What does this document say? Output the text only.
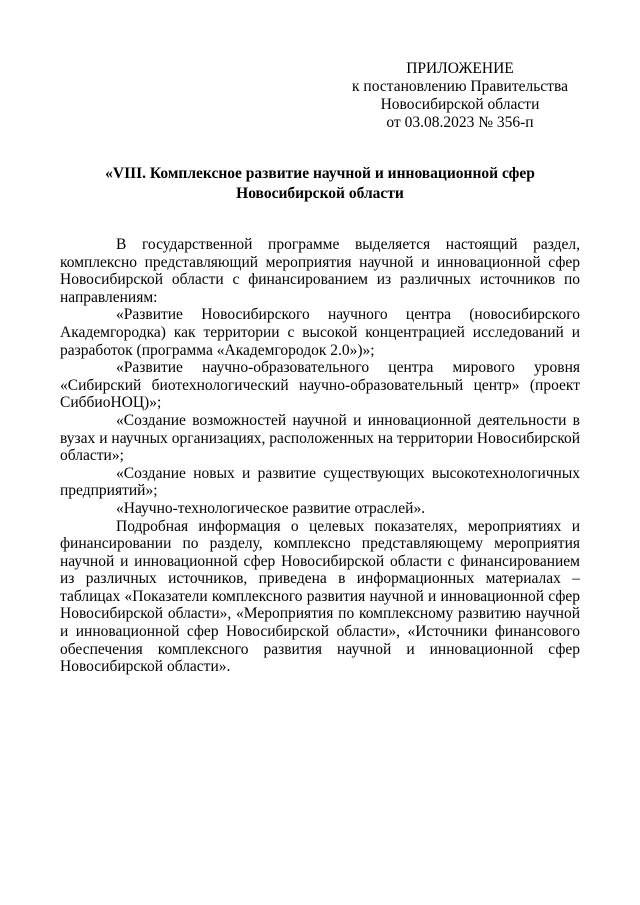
ПРИЛОЖЕНИЕ
к постановлению Правительства
Новосибирской области
от 03.08.2023 № 356-п
«VIII. Комплексное развитие научной и инновационной сфер
Новосибирской области

В государственной программе выделяется настоящий раздел, комплексно представляющий мероприятия научной и инновационной сфер Новосибирской области с финансированием из различных источников по направлениям:

«Развитие Новосибирского научного центра (новосибирского Академгородка) как территории с высокой концентрацией исследований и разработок (программа «Академгородок 2.0»)»;

«Развитие научно-образовательного центра мирового уровня «Сибирский биотехнологический научно-образовательный центр» (проект СиббиоНОЦ)»;

«Создание возможностей научной и инновационной деятельности в вузах и научных организациях, расположенных на территории Новосибирской области»;

«Создание новых и развитие существующих высокотехнологичных предприятий»;

«Научно-технологическое развитие отраслей».

Подробная информация о целевых показателях, мероприятиях и финансировании по разделу, комплексно представляющему мероприятия научной и инновационной сфер Новосибирской области с финансированием из различных источников, приведена в информационных материалах – таблицах «Показатели комплексного развития научной и инновационной сфер Новосибирской области», «Мероприятия по комплексному развитию научной и инновационной сфер Новосибирской области», «Источники финансового обеспечения комплексного развития научной и инновационной сфер Новосибирской области».
